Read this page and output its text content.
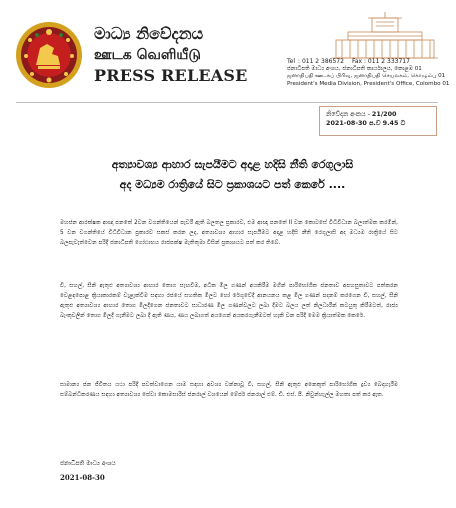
මාධ්‍ය නිවේදනය
ஊடக வெளியீடு
PRESS RELEASE
Tel : 011 2 386572 Fax : 011 2 333717
ජනාධිපති මාධ්‍ය අංශය, ජනාධිපති කාර්යාලය, කොළඹ 01
ஜனாதிபதி ஊடகப் பிரிவு, ஜனாதிபதி செயலகம், கொழும்பு 01
President's Media Division, President's Office, Colombo 01
නිවේදන අංකය - 21/200
2021-08-30 ප.ව 9.45 ට
අත්‍යාවශ්‍ය ආහාර සැපයීමට අදාළ හදිසි නීති රෙගුලාසි
අද මධ්‍යම රාත්‍රියේ සිට ප්‍රකාශයට පත් කෙරේ ....
මහජන ආරක්ෂක ආඥා පනතේ 2වන වගන්තියෙන් පැවරී ඇති බලතල ප්‍රකාරව, එම ආඥා පනතේ II වන කොටසේ විධිවිධාන බලාත්මක කරමින්, 5 වන වගන්තියේ විධිවිධාන ප්‍රකාරව සකස් කරන ලද, අත්‍යාවශ්‍ය ආහාර සැපයීමට අදාළ හදිසි නීති රෙගුලාසි අද මධ්‍යම රාත්‍රියේ සිට බලපැවැත්වෙන පරිදි ජනාධිපති ගෝඨාභය රාජපක්ෂ මැතිතුමා විසින් ප්‍රකාශයට පත් කර තිබේ.
වී, සහල්, සීනි ඇතුළු අත්‍යාවශ්‍ය ආහාර තොග සැඟවීම, අධික මිල ගණන් අයකිරීම මගින් පාරිභෝගික ජනතාව අපහසුතාවට පත්කරන වෙළඳපොළ ක්‍රියාකාරකම් වැළැක්වීම සඳහා රජයේ සහතික මිලට හෝ රේගුවේදී ආනයනය කළ මිල ගණන් පදනම් කරගෙන වී, සහල්, සීනි ඇතුළු අත්‍යාවශ්‍ය ආහාර තොග මිලදීගෙන ජනතාවට සාධාරණ මිල ගණන්වලට ලබා දීමට බලය ලත් නිලධාරීන් කටයුතු කිරීමටත්, රාජ්‍ය බැංකුවලින් තොග මිලදී ගැනීමට ලබා දී ඇති ණය, ණය ලබාගත් අයගෙන් අයකරගැනීමටත් හැකි වන පරිදි මෙම ක්‍රියාත්මක කෙරේ.
සාමාන්‍ය ජන ජීවිතය යථා පරිදි පවත්වාගෙන යාම සඳහා අවශ්‍ය වන්නාවූ වී, සහල්, සීනි ඇතුළු අනෙකුත් පාරිභෝගික ද්‍රව්‍ය බෙදාහැරීම සම්බන්ධීකරණය සඳහා අත්‍යාවශ්‍ය සේවා කොමසාරිස් ජනරාල් වශයෙන් මේජර් ජනරාල් එම්. ඩී. එස්. පී. නිවුන්හැල්ල මහතා පත් කර ඇත.
ජනාධිපති මාධ්‍ය අංශය
2021-08-30
